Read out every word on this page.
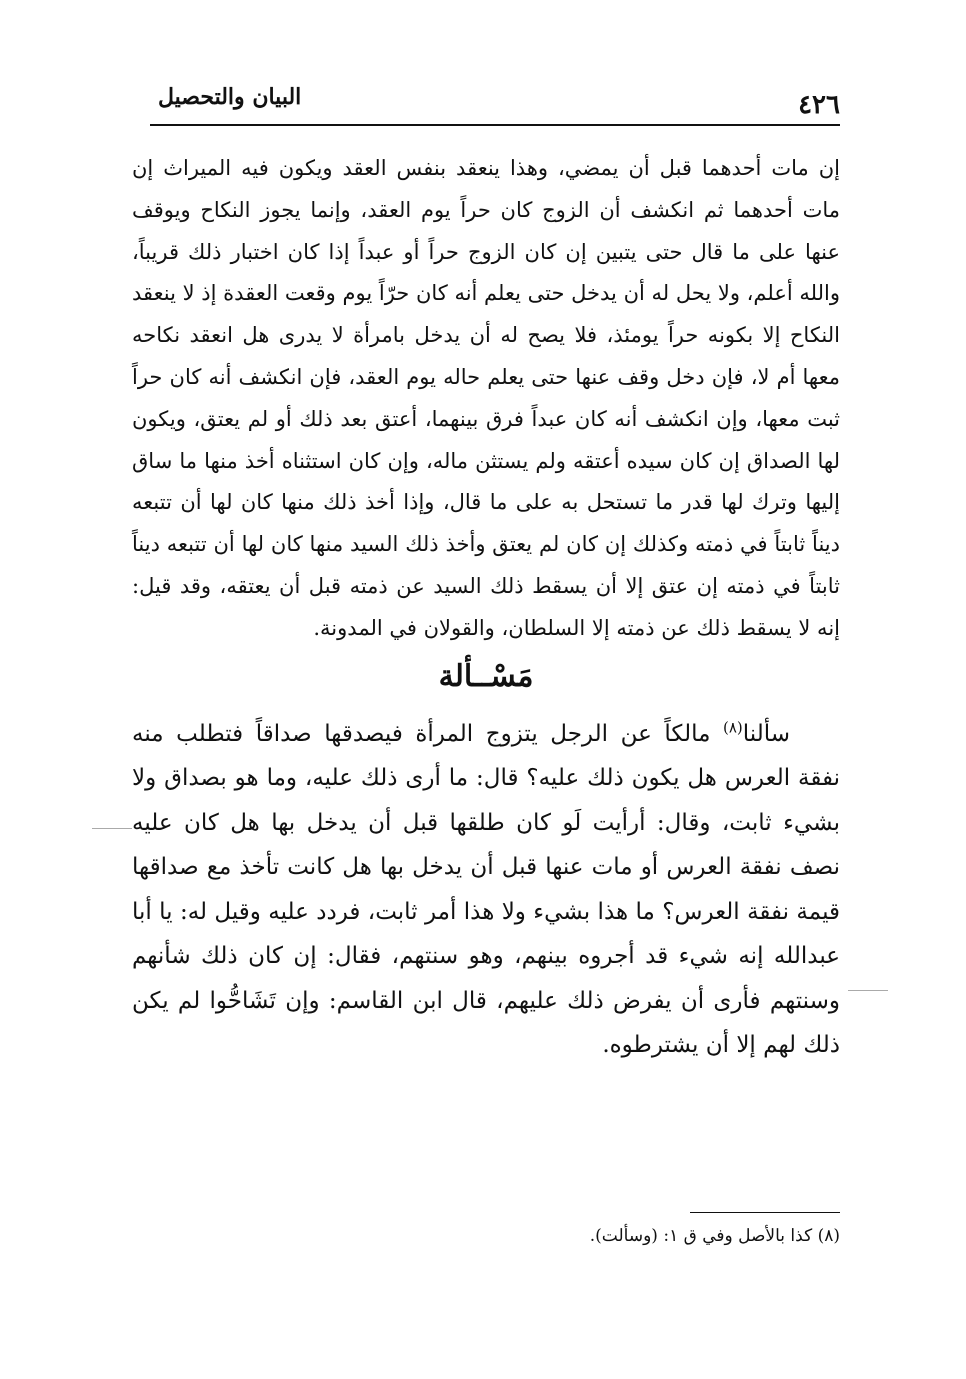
٤٢٦
البيان والتحصيل

إن مات أحدهما قبل أن يمضي، وهذا ينعقد بنفس العقد ويكون فيه الميراث إن مات أحدهما ثم انكشف أن الزوج كان حراً يوم العقد، وإنما يجوز النكاح ويوقف عنها على ما قال حتى يتبين إن كان الزوج حراً أو عبداً إذا كان اختبار ذلك قريباً، والله أعلم، ولا يحل له أن يدخل حتى يعلم أنه كان حرّاً يوم وقعت العقدة إذ لا ينعقد النكاح إلا بكونه حراً يومئذ، فلا يصح له أن يدخل بامرأة لا يدرى هل انعقد نكاحه معها أم لا، فإن دخل وقف عنها حتى يعلم حاله يوم العقد، فإن انكشف أنه كان حراً ثبت معها، وإن انكشف أنه كان عبداً فرق بينهما، أعتق بعد ذلك أو لم يعتق، ويكون لها الصداق إن كان سيده أعتقه ولم يستثن ماله، وإن كان استثناه أخذ منها ما ساق إليها وترك لها قدر ما تستحل به على ما قال، وإذا أخذ ذلك منها كان لها أن تتبعه ديناً ثابتاً في ذمته وكذلك إن كان لم يعتق وأخذ ذلك السيد منها كان لها أن تتبعه ديناً ثابتاً في ذمته إن عتق إلا أن يسقط ذلك السيد عن ذمته قبل أن يعتقه، وقد قيل: إنه لا يسقط ذلك عن ذمته إلا السلطان، والقولان في المدونة.

مَسْــألة

سألنا$^{(٨)}$ مالكاً عن الرجل يتزوج المرأة فيصدقها صداقاً فتطلب منه نفقة العرس هل يكون ذلك عليه؟ قال: ما أرى ذلك عليه، وما هو بصداق ولا بشيء ثابت، وقال: أرأيت لَو كان طلقها قبل أن يدخل بها هل كان عليه نصف نفقة العرس أو مات عنها قبل أن يدخل بها هل كانت تأخذ مع صداقها قيمة نفقة العرس؟ ما هذا بشيء ولا هذا أمر ثابت، فردد عليه وقيل له: يا أبا عبدالله إنه شيء قد أجروه بينهم، وهو سنتهم، فقال: إن كان ذلك شأنهم وسنتهم فأرى أن يفرض ذلك عليهم، قال ابن القاسم: وإن تَشَاحُّوا لم يكن ذلك لهم إلا أن يشترطوه.

(٨) كذا بالأصل وفي ق ١: (وسألت).
